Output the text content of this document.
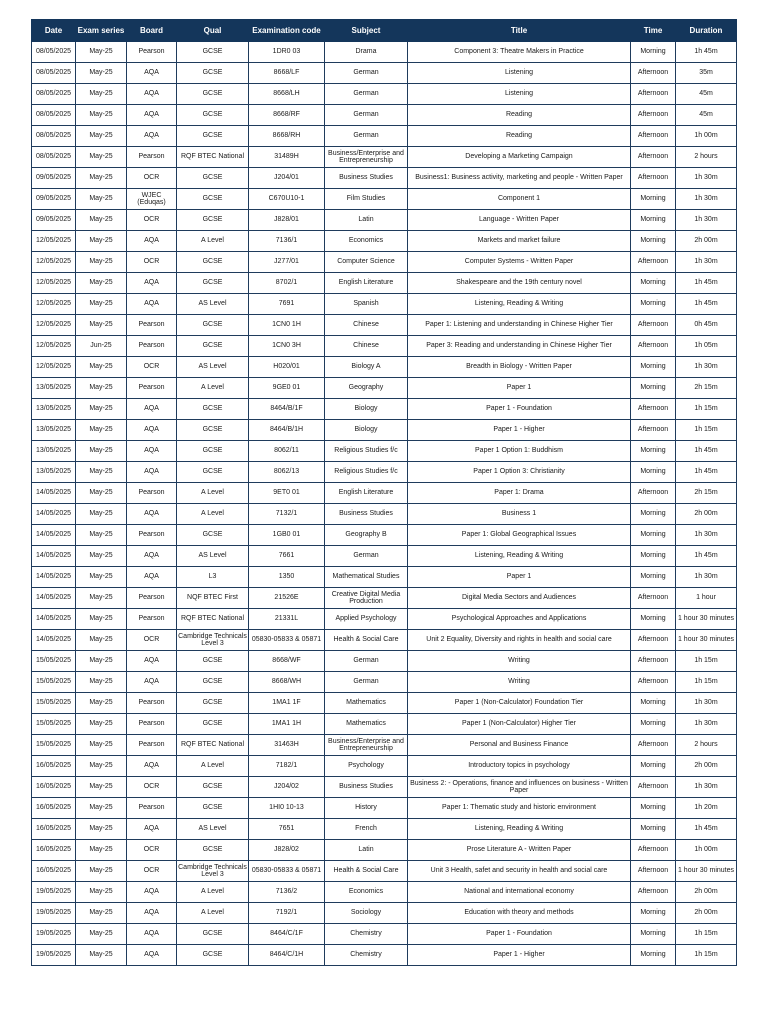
Date	Exam series	Board	Qual	Examination code	Subject	Title	Time	Duration
08/05/2025	May-25	Pearson	GCSE	1DR0 03	Drama	Component 3: Theatre Makers in Practice	Morning	1h 45m
08/05/2025	May-25	AQA	GCSE	8668/LF	German	Listening	Afternoon	35m
08/05/2025	May-25	AQA	GCSE	8668/LH	German	Listening	Afternoon	45m
08/05/2025	May-25	AQA	GCSE	8668/RF	German	Reading	Afternoon	45m
08/05/2025	May-25	AQA	GCSE	8668/RH	German	Reading	Afternoon	1h 00m
08/05/2025	May-25	Pearson	RQF BTEC National	31489H	Business/Enterprise and Entrepreneurship	Developing a Marketing Campaign	Afternoon	2 hours
09/05/2025	May-25	OCR	GCSE	J204/01	Business Studies	Business1: Business activity, marketing and people - Written Paper	Afternoon	1h 30m
09/05/2025	May-25	WJEC (Eduqas)	GCSE	C670U10-1	Film Studies	Component 1	Morning	1h 30m
09/05/2025	May-25	OCR	GCSE	J828/01	Latin	Language - Written Paper	Morning	1h 30m
12/05/2025	May-25	AQA	A Level	7136/1	Economics	Markets and market failure	Morning	2h 00m
12/05/2025	May-25	OCR	GCSE	J277/01	Computer Science	Computer Systems - Written Paper	Afternoon	1h 30m
12/05/2025	May-25	AQA	GCSE	8702/1	English Literature	Shakespeare and the 19th century novel	Morning	1h 45m
12/05/2025	May-25	AQA	AS Level	7691	Spanish	Listening, Reading & Writing	Morning	1h 45m
12/05/2025	May-25	Pearson	GCSE	1CN0 1H	Chinese	Paper 1: Listening and understanding in Chinese Higher Tier	Afternoon	0h 45m
12/05/2025	Jun-25	Pearson	GCSE	1CN0 3H	Chinese	Paper 3: Reading and understanding in Chinese Higher Tier	Afternoon	1h 05m
12/05/2025	May-25	OCR	AS Level	H020/01	Biology A	Breadth in Biology - Written Paper	Morning	1h 30m
13/05/2025	May-25	Pearson	A Level	9GE0 01	Geography	Paper 1	Morning	2h 15m
13/05/2025	May-25	AQA	GCSE	8464/B/1F	Biology	Paper 1 - Foundation	Afternoon	1h 15m
13/05/2025	May-25	AQA	GCSE	8464/B/1H	Biology	Paper 1 - Higher	Afternoon	1h 15m
13/05/2025	May-25	AQA	GCSE	8062/11	Religious Studies f/c	Paper 1 Option 1: Buddhism	Morning	1h 45m
13/05/2025	May-25	AQA	GCSE	8062/13	Religious Studies f/c	Paper 1 Option 3: Christianity	Morning	1h 45m
14/05/2025	May-25	Pearson	A Level	9ET0 01	English Literature	Paper 1: Drama	Afternoon	2h 15m
14/05/2025	May-25	AQA	A Level	7132/1	Business Studies	Business 1	Morning	2h 00m
14/05/2025	May-25	Pearson	GCSE	1GB0 01	Geography B	Paper 1: Global Geographical Issues	Morning	1h 30m
14/05/2025	May-25	AQA	AS Level	7661	German	Listening, Reading & Writing	Morning	1h 45m
14/05/2025	May-25	AQA	L3	1350	Mathematical Studies	Paper 1	Morning	1h 30m
14/05/2025	May-25	Pearson	NQF BTEC First	21526E	Creative Digital Media Production	Digital Media Sectors and Audiences	Afternoon	1 hour
14/05/2025	May-25	Pearson	RQF BTEC National	21331L	Applied Psychology	Psychological Approaches and Applications	Morning	1 hour 30 minutes
14/05/2025	May-25	OCR	Cambridge Technicals Level 3	05830-05833 & 05871	Health & Social Care	Unit 2 Equality, Diversity and rights in health and social care	Afternoon	1 hour 30 minutes
15/05/2025	May-25	AQA	GCSE	8668/WF	German	Writing	Afternoon	1h 15m
15/05/2025	May-25	AQA	GCSE	8668/WH	German	Writing	Afternoon	1h 15m
15/05/2025	May-25	Pearson	GCSE	1MA1 1F	Mathematics	Paper 1 (Non-Calculator) Foundation Tier	Morning	1h 30m
15/05/2025	May-25	Pearson	GCSE	1MA1 1H	Mathematics	Paper 1 (Non-Calculator) Higher Tier	Morning	1h 30m
15/05/2025	May-25	Pearson	RQF BTEC National	31463H	Business/Enterprise and Entrepreneurship	Personal and Business Finance	Afternoon	2 hours
16/05/2025	May-25	AQA	A Level	7182/1	Psychology	Introductory topics in psychology	Morning	2h 00m
16/05/2025	May-25	OCR	GCSE	J204/02	Business Studies	Business 2: - Operations, finance and influences on business - Written Paper	Afternoon	1h 30m
16/05/2025	May-25	Pearson	GCSE	1HI0 10-13	History	Paper 1: Thematic study and historic environment	Morning	1h 20m
16/05/2025	May-25	AQA	AS Level	7651	French	Listening, Reading & Writing	Morning	1h 45m
16/05/2025	May-25	OCR	GCSE	J828/02	Latin	Prose Literature A - Written Paper	Afternoon	1h 00m
16/05/2025	May-25	OCR	Cambridge Technicals Level 3	05830-05833 & 05871	Health & Social Care	Unit 3 Health, safet and security in health and social care	Afternoon	1 hour 30 minutes
19/05/2025	May-25	AQA	A Level	7136/2	Economics	National and international economy	Afternoon	2h 00m
19/05/2025	May-25	AQA	A Level	7192/1	Sociology	Education with theory and methods	Morning	2h 00m
19/05/2025	May-25	AQA	GCSE	8464/C/1F	Chemistry	Paper 1 - Foundation	Morning	1h 15m
19/05/2025	May-25	AQA	GCSE	8464/C/1H	Chemistry	Paper 1 - Higher	Morning	1h 15m
